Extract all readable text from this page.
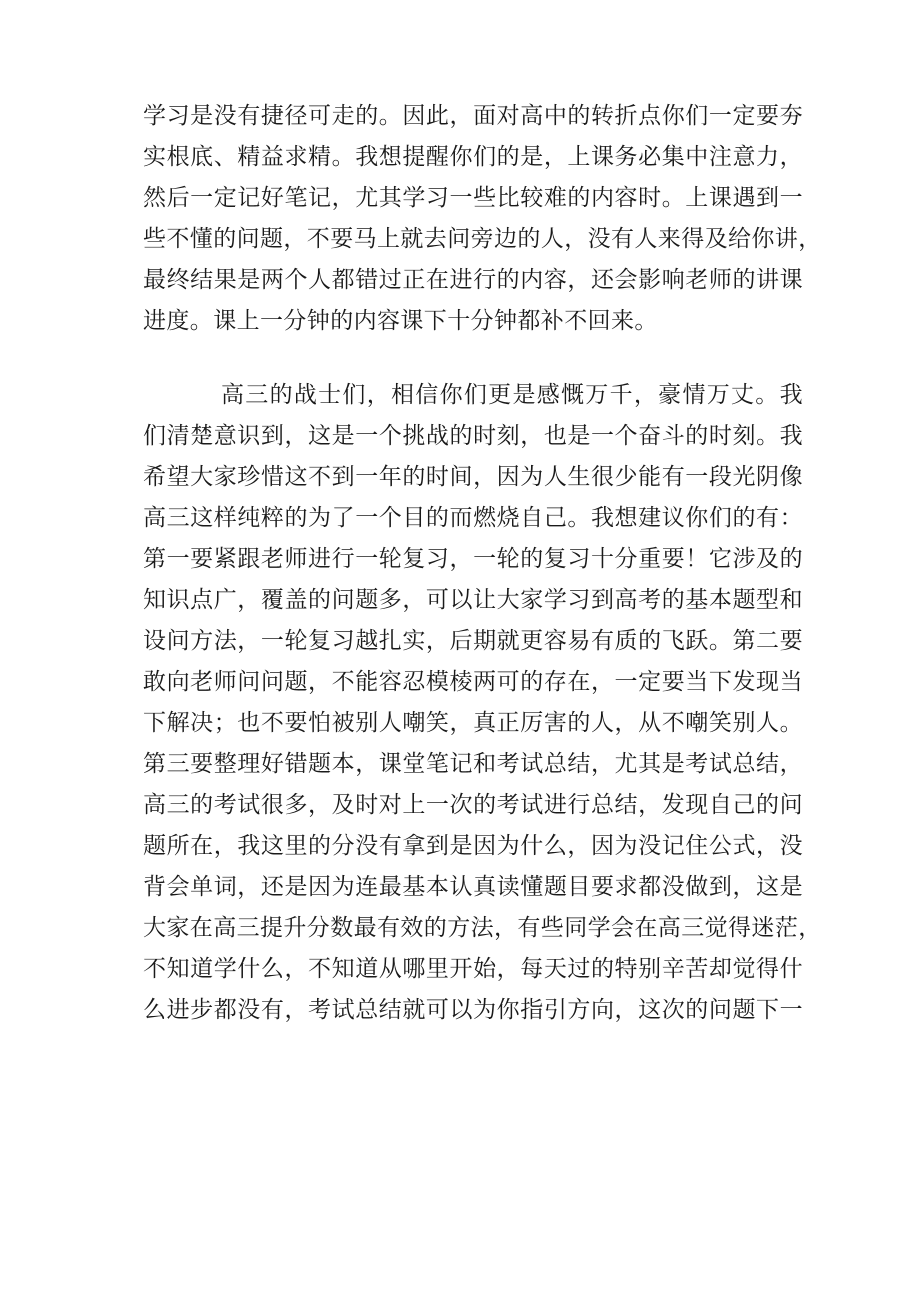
学习是没有捷径可走的。因此，面对高中的转折点你们一定要夯
实根底、精益求精。我想提醒你们的是，上课务必集中注意力，
然后一定记好笔记，尤其学习一些比较难的内容时。上课遇到一
些不懂的问题，不要马上就去问旁边的人，没有人来得及给你讲，
最终结果是两个人都错过正在进行的内容，还会影响老师的讲课
进度。课上一分钟的内容课下十分钟都补不回来。
高三的战士们，相信你们更是感慨万千，豪情万丈。我
们清楚意识到，这是一个挑战的时刻，也是一个奋斗的时刻。我
希望大家珍惜这不到一年的时间，因为人生很少能有一段光阴像
高三这样纯粹的为了一个目的而燃烧自己。我想建议你们的有：
第一要紧跟老师进行一轮复习，一轮的复习十分重要！它涉及的
知识点广，覆盖的问题多，可以让大家学习到高考的基本题型和
设问方法，一轮复习越扎实，后期就更容易有质的飞跃。第二要
敢向老师问问题，不能容忍模棱两可的存在，一定要当下发现当
下解决；也不要怕被别人嘲笑，真正厉害的人，从不嘲笑别人。
第三要整理好错题本，课堂笔记和考试总结，尤其是考试总结，
高三的考试很多，及时对上一次的考试进行总结，发现自己的问
题所在，我这里的分没有拿到是因为什么，因为没记住公式，没
背会单词，还是因为连最基本认真读懂题目要求都没做到，这是
大家在高三提升分数最有效的方法，有些同学会在高三觉得迷茫，
不知道学什么，不知道从哪里开始，每天过的特别辛苦却觉得什
么进步都没有，考试总结就可以为你指引方向，这次的问题下一
